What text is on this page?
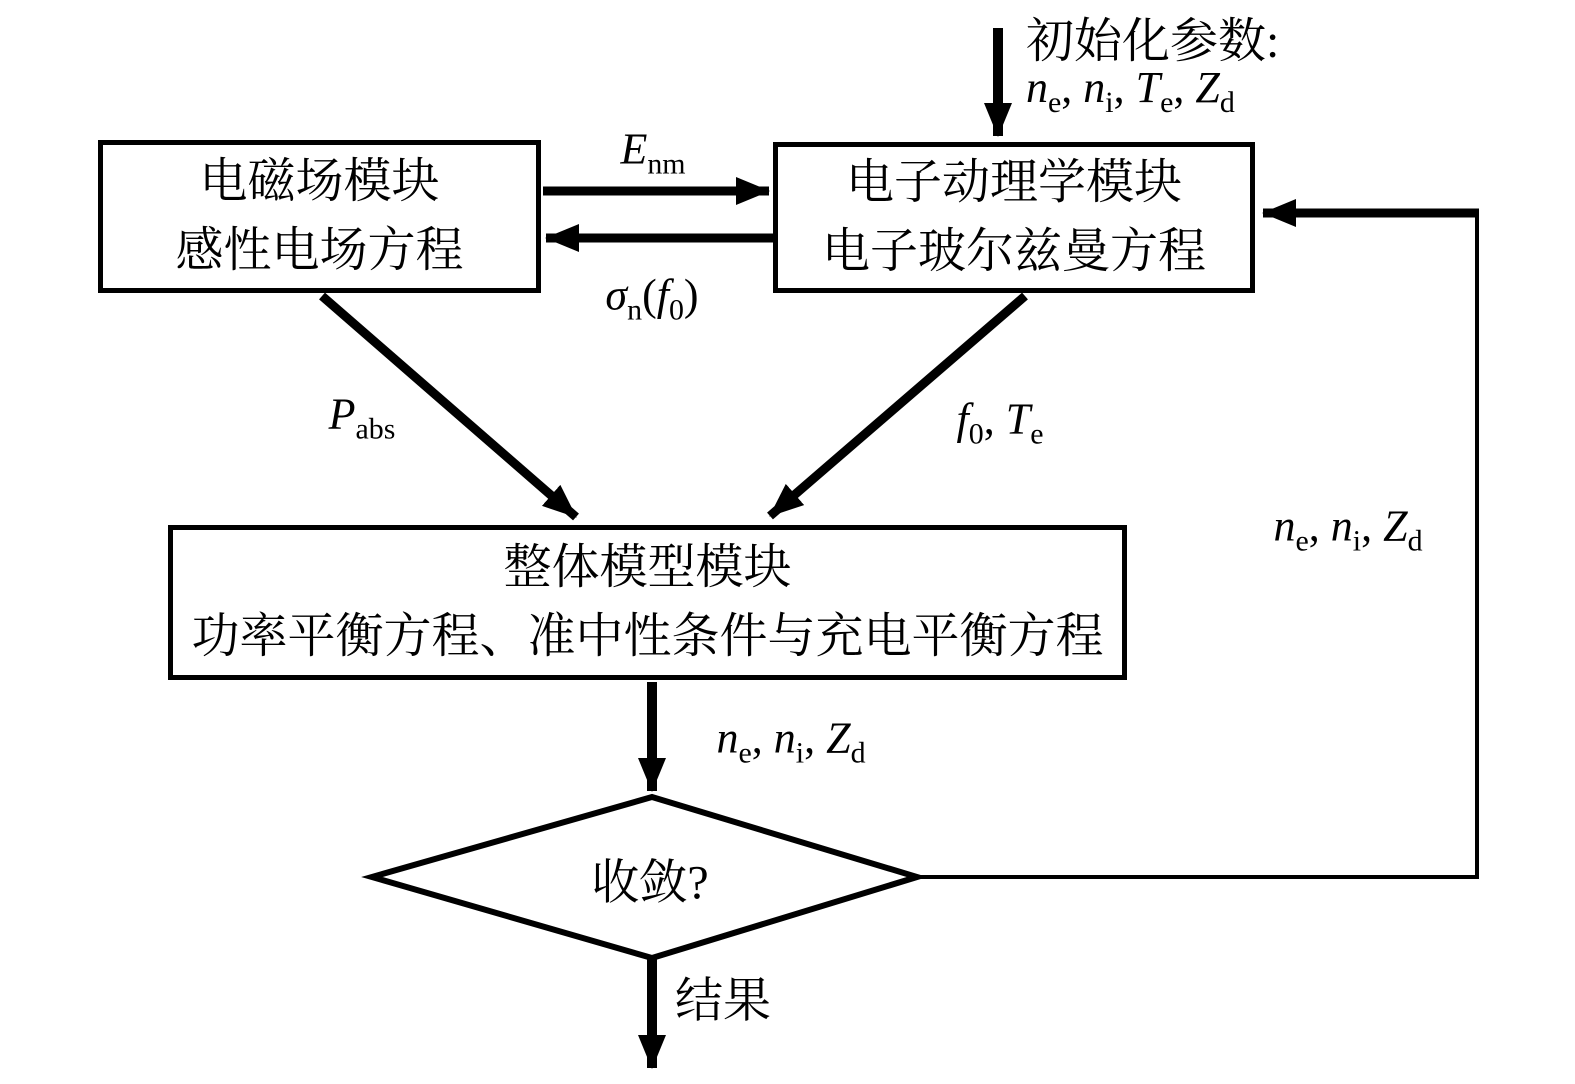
初始化参数:
$n_e$, $n_i$, $T_e$, $Z_d$
电磁场模块
感性电场方程
电子动理学模块
电子玻尔兹曼方程
整体模型模块
功率平衡方程、准中性条件与充电平衡方程
$E_{nm}$
$\sigma_n(f_0)$
$P_{abs}$	$f_0$, $T_e$
$n_e$, $n_i$, $Z_d$
$n_e$, $n_i$, $Z_d$
结果
收敛?
